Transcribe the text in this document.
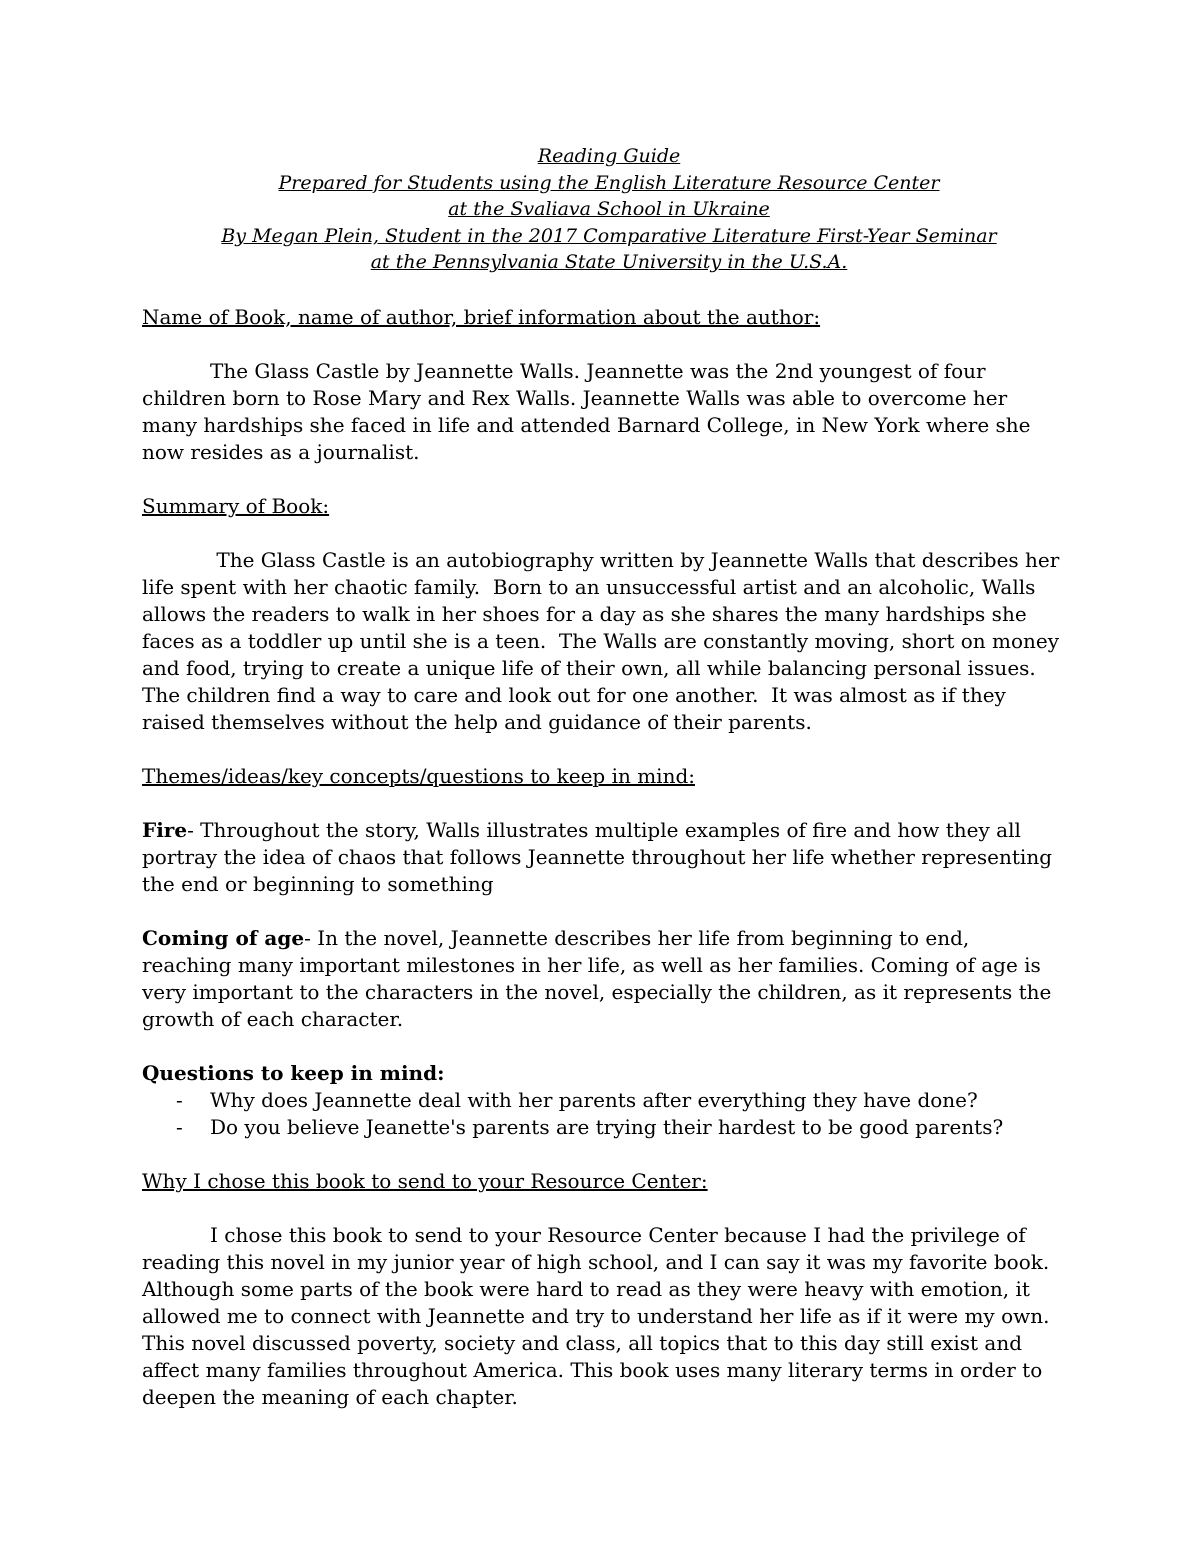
Reading Guide
Prepared for Students using the English Literature Resource Center
at the Svaliava School in Ukraine
By Megan Plein, Student in the 2017 Comparative Literature First-Year Seminar
at the Pennsylvania State University in the U.S.A.

Name of Book, name of author, brief information about the author:

The Glass Castle by Jeannette Walls. Jeannette was the 2nd youngest of four children born to Rose Mary and Rex Walls. Jeannette Walls was able to overcome her many hardships she faced in life and attended Barnard College, in New York where she now resides as a journalist.

Summary of Book:

The Glass Castle is an autobiography written by Jeannette Walls that describes her life spent with her chaotic family.  Born to an unsuccessful artist and an alcoholic, Walls allows the readers to walk in her shoes for a day as she shares the many hardships she faces as a toddler up until she is a teen.  The Walls are constantly moving, short on money and food, trying to create a unique life of their own, all while balancing personal issues.  The children find a way to care and look out for one another.  It was almost as if they raised themselves without the help and guidance of their parents.

Themes/ideas/key concepts/questions to keep in mind:

Fire- Throughout the story, Walls illustrates multiple examples of fire and how they all portray the idea of chaos that follows Jeannette throughout her life whether representing the end or beginning to something

Coming of age- In the novel, Jeannette describes her life from beginning to end, reaching many important milestones in her life, as well as her families. Coming of age is very important to the characters in the novel, especially the children, as it represents the growth of each character.

Questions to keep in mind:

- Why does Jeannette deal with her parents after everything they have done?
- Do you believe Jeanette's parents are trying their hardest to be good parents?

Why I chose this book to send to your Resource Center:

I chose this book to send to your Resource Center because I had the privilege of reading this novel in my junior year of high school, and I can say it was my favorite book. Although some parts of the book were hard to read as they were heavy with emotion, it allowed me to connect with Jeannette and try to understand her life as if it were my own. This novel discussed poverty, society and class, all topics that to this day still exist and affect many families throughout America. This book uses many literary terms in order to deepen the meaning of each chapter.
